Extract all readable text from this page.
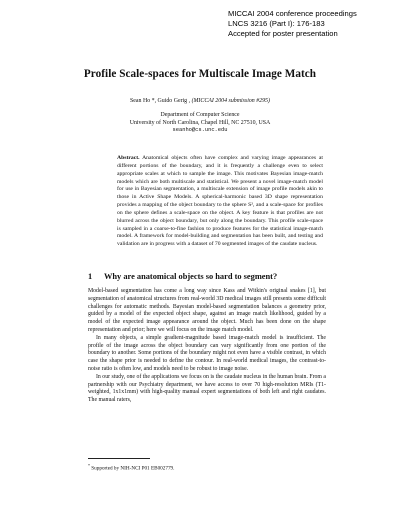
MICCAI 2004 conference proceedings
LNCS 3216 (Part I): 176-183
Accepted for poster presentation
Profile Scale-spaces for Multiscale Image Match
Sean Ho *, Guido Gerig , (MICCAI 2004 submission #295)
Department of Computer Science
University of North Carolina, Chapel Hill, NC 27510, USA
seanho@cs.unc.edu
Abstract. Anatomical objects often have complex and varying image appearances at different portions of the boundary, and it is frequently a challenge even to select appropriate scales at which to sample the image. This motivates Bayesian image-match models which are both multiscale and statistical. We present a novel image-match model for use in Bayesian segmentation, a multiscale extension of image profile models akin to those in Active Shape Models. A spherical-harmonic based 3D shape representation provides a mapping of the object boundary to the sphere S², and a scale-space for profiles on the sphere defines a scale-space on the object. A key feature is that profiles are not blurred across the object boundary, but only along the boundary. This profile scale-space is sampled in a coarse-to-fine fashion to produce features for the statistical image-match model. A framework for model-building and segmentation has been built, and testing and validation are in progress with a dataset of 70 segmented images of the caudate nucleus.
1 Why are anatomical objects so hard to segment?

Model-based segmentation has come a long way since Kass and Witkin's original snakes [1], but segmentation of anatomical structures from real-world 3D medical images still presents some difficult challenges for automatic methods. Bayesian model-based segmentation balances a geometry prior, guided by a model of the expected object shape, against an image match likelihood, guided by a model of the expected image appearance around the object. Much has been done on the shape representation and prior; here we will focus on the image match model.

In many objects, a simple gradient-magnitude based image-match model is insufficient. The profile of the image across the object boundary can vary significantly from one portion of the boundary to another. Some portions of the boundary might not even have a visible contrast, in which case the shape prior is needed to define the contour. In real-world medical images, the contrast-to-noise ratio is often low, and models need to be robust to image noise.

In our study, one of the applications we focus on is the caudate nucleus in the human brain. From a partnership with our Psychiatry department, we have access to over 70 high-resolution MRIs (T1-weighted, 1x1x1mm) with high-quality manual expert segmentations of both left and right caudates. The manual raters,

* Supported by NIH-NCI P01 EB002779.
